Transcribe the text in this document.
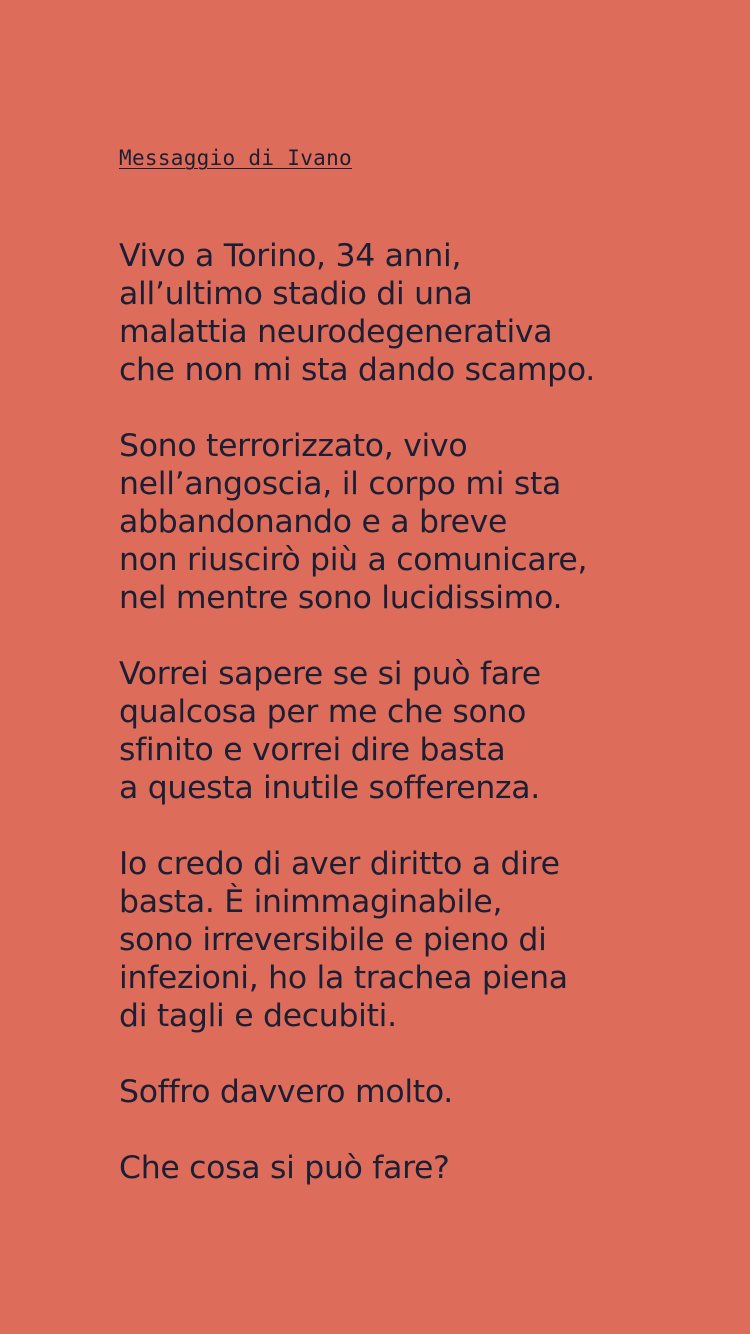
Messaggio di Ivano

Vivo a Torino, 34 anni,
all’ultimo stadio di una
malattia neurodegenerativa
che non mi sta dando scampo.

Sono terrorizzato, vivo
nell’angoscia, il corpo mi sta
abbandonando e a breve
non riuscirò più a comunicare,
nel mentre sono lucidissimo.

Vorrei sapere se si può fare
qualcosa per me che sono
sfinito e vorrei dire basta
a questa inutile sofferenza.

Io credo di aver diritto a dire
basta. È inimmaginabile,
sono irreversibile e pieno di
infezioni, ho la trachea piena
di tagli e decubiti.

Soffro davvero molto.

Che cosa si può fare?
